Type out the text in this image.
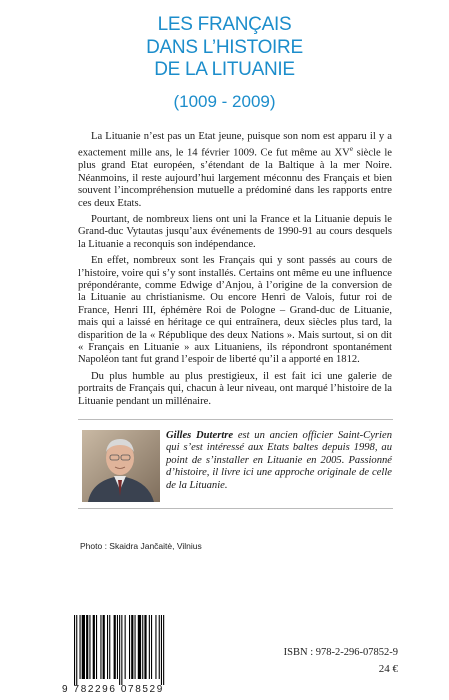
LES FRANÇAIS
DANS L’HISTOIRE
DE LA LITUANIE
(1009 - 2009)

La Lituanie n’est pas un Etat jeune, puisque son nom est apparu il y a exactement mille ans, le 14 février 1009. Ce fut même au XVe siècle le plus grand Etat européen, s’étendant de la Baltique à la mer Noire. Néanmoins, il reste aujourd’hui largement méconnu des Français et bien souvent l’incompréhension mutuelle a prédominé dans les rapports entre ces deux Etats.

Pourtant, de nombreux liens ont uni la France et la Lituanie depuis le Grand-duc Vytautas jusqu’aux événements de 1990-91 au cours desquels la Lituanie a reconquis son indépendance.

En effet, nombreux sont les Français qui y sont passés au cours de l’histoire, voire qui s’y sont installés. Certains ont même eu une influence prépondérante, comme Edwige d’Anjou, à l’origine de la conversion de la Lituanie au christianisme. Ou encore Henri de Valois, futur roi de France, Henri III, éphémère Roi de Pologne – Grand-duc de Lituanie, mais qui a laissé en héritage ce qui entraînera, deux siècles plus tard, la disparition de la « République des deux Nations ». Mais surtout, si on dit « Français en Lituanie » aux Lituaniens, ils répondront spontanément Napoléon tant fut grand l’espoir de liberté qu’il a apporté en 1812.

Du plus humble au plus prestigieux, il est fait ici une galerie de portraits de Français qui, chacun à leur niveau, ont marqué l’histoire de la Lituanie pendant un millénaire.

Gilles Dutertre est un ancien officier Saint-Cyrien qui s’est intéressé aux Etats baltes depuis 1998, au point de s’installer en Lituanie en 2005. Passionné d’histoire, il livre ici une approche originale de celle de la Lituanie.
Photo : Skaidra Jančaitė, Vilnius
9 782296 078529
ISBN : 978-2-296-07852-9
24 €
